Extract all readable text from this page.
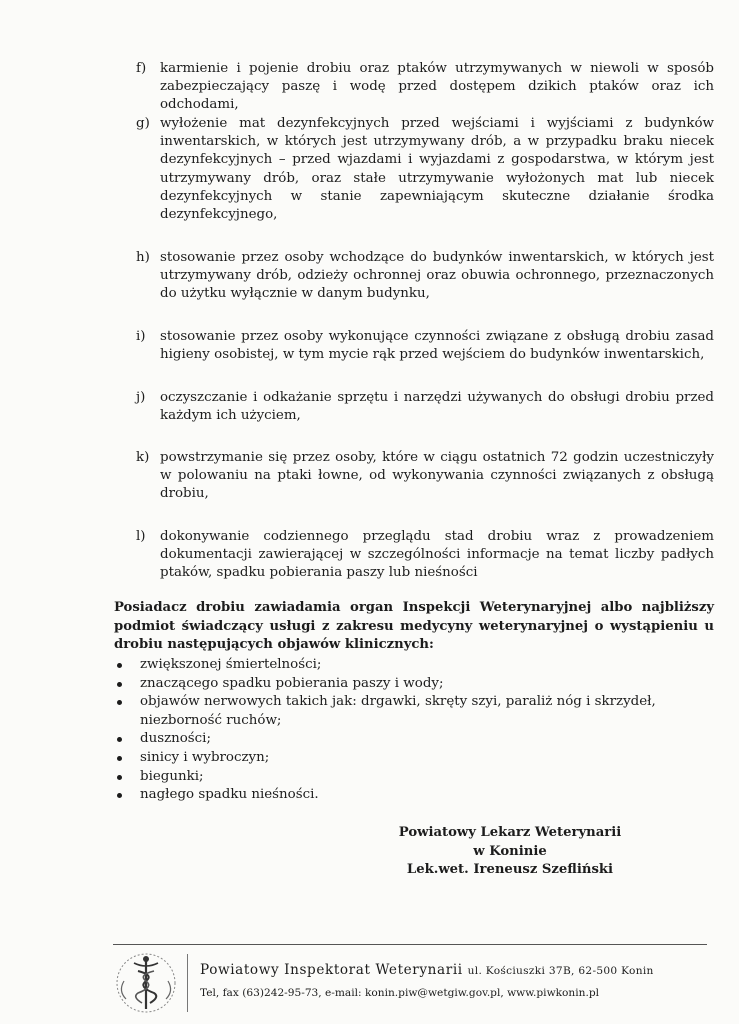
f)	karmienie i pojenie drobiu oraz ptaków utrzymywanych w niewoli w sposób zabezpieczający paszę i wodę przed dostępem dzikich ptaków oraz ich odchodami,
g) wyłożenie mat dezynfekcyjnych przed wejściami i wyjściami z budynków inwentarskich, w których jest utrzymywany drób, a w przypadku braku niecek dezynfekcyjnych – przed wjazdami i wyjazdami z gospodarstwa, w którym jest utrzymywany drób, oraz stałe utrzymywanie wyłożonych mat lub niecek dezynfekcyjnych w stanie zapewniającym skuteczne działanie środka dezynfekcyjnego,
h) stosowanie przez osoby wchodzące do budynków inwentarskich, w których jest utrzymywany drób, odzieży ochronnej oraz obuwia ochronnego, przeznaczonych do użytku wyłącznie w danym budynku,
i)	stosowanie przez osoby wykonujące czynności związane z obsługą drobiu zasad higieny osobistej, w tym mycie rąk przed wejściem do budynków inwentarskich,
j)	oczyszczanie i odkażanie sprzętu i narzędzi używanych do obsługi drobiu przed każdym ich użyciem,
k) powstrzymanie się przez osoby, które w ciągu ostatnich 72 godzin uczestniczyły w polowaniu na ptaki łowne, od wykonywania czynności związanych z obsługą drobiu,
l)	dokonywanie codziennego przeglądu stad drobiu wraz z prowadzeniem dokumentacji zawierającej w szczególności informacje na temat liczby padłych ptaków, spadku pobierania paszy lub nieśności
Posiadacz drobiu zawiadamia organ Inspekcji Weterynaryjnej albo najbliższy podmiot świadczący usługi z zakresu medycyny weterynaryjnej o wystąpieniu u drobiu następujących objawów klinicznych:
zwiększonej śmiertelności;
znaczącego spadku pobierania paszy i wody;
objawów nerwowych takich jak: drgawki, skręty szyi, paraliż nóg i skrzydeł, niezborność ruchów;
duszności;
sinicy i wybroczyn;
biegunki;
nagłego spadku nieśności.
Powiatowy Lekarz Weterynarii
w Koninie
Lek.wet. Ireneusz Szefliński
Powiatowy Inspektorat Weterynarii ul. Kościuszki 37B, 62-500 Konin
Tel, fax (63)242-95-73, e-mail: konin.piw@wetgiw.gov.pl, www.piwkonin.pl
